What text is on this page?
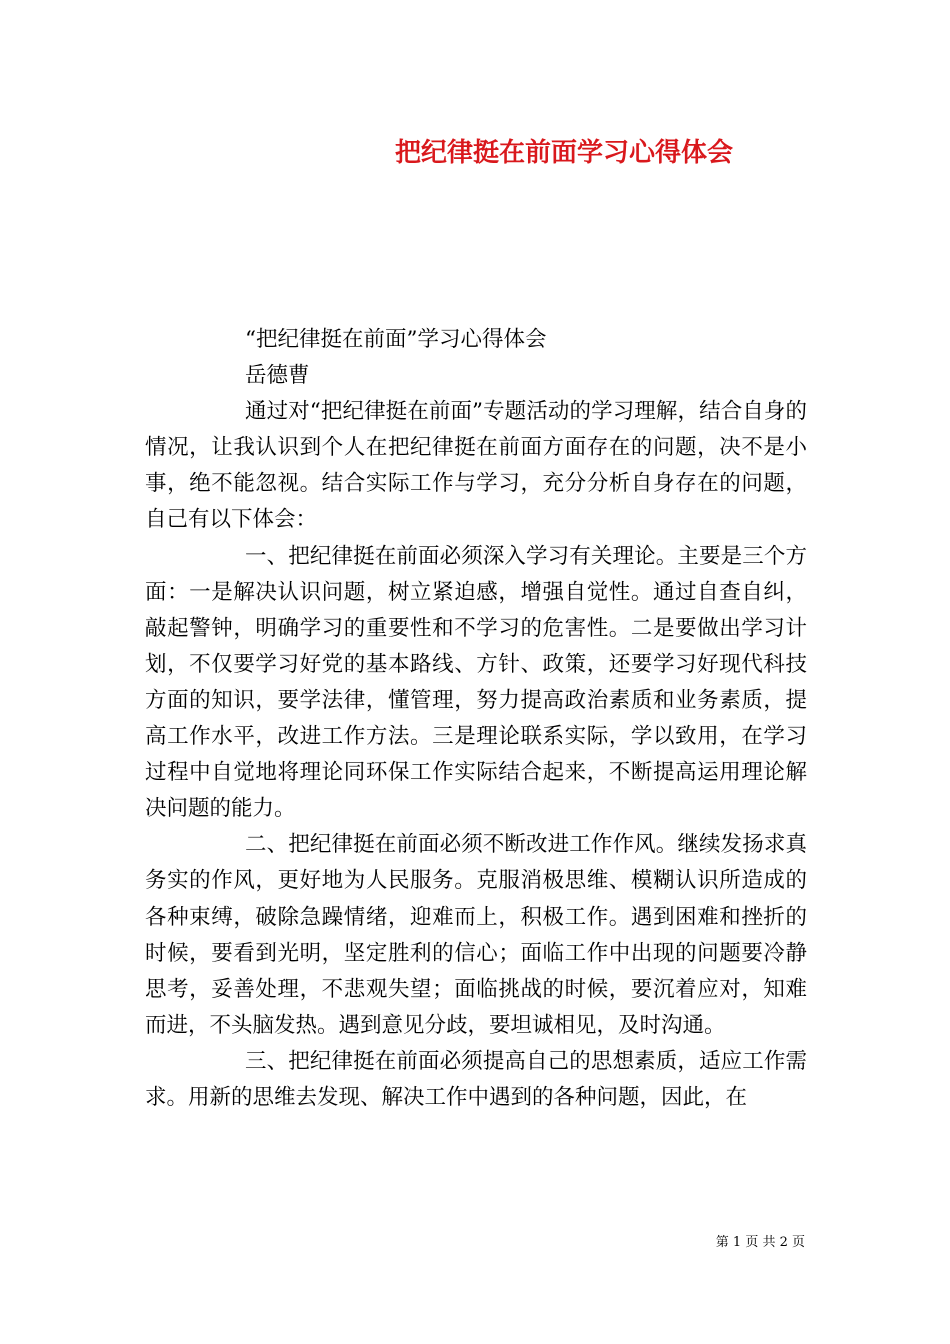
把纪律挺在前面学习心得体会

“把纪律挺在前面”学习心得体会

岳德曹

通过对“把纪律挺在前面”专题活动的学习理解，结合自身的情况，让我认识到个人在把纪律挺在前面方面存在的问题，决不是小事，绝不能忽视。结合实际工作与学习，充分分析自身存在的问题，自己有以下体会：

一、把纪律挺在前面必须深入学习有关理论。主要是三个方面：一是解决认识问题，树立紧迫感，增强自觉性。通过自查自纠，敲起警钟，明确学习的重要性和不学习的危害性。二是要做出学习计划，不仅要学习好党的基本路线、方针、政策，还要学习好现代科技方面的知识，要学法律，懂管理，努力提高政治素质和业务素质，提高工作水平，改进工作方法。三是理论联系实际，学以致用，在学习过程中自觉地将理论同环保工作实际结合起来，不断提高运用理论解决问题的能力。

二、把纪律挺在前面必须不断改进工作作风。继续发扬求真务实的作风，更好地为人民服务。克服消极思维、模糊认识所造成的各种束缚，破除急躁情绪，迎难而上，积极工作。遇到困难和挫折的时候，要看到光明，坚定胜利的信心；面临工作中出现的问题要冷静思考，妥善处理，不悲观失望；面临挑战的时候，要沉着应对，知难而进，不头脑发热。遇到意见分歧，要坦诚相见，及时沟通。

三、把纪律挺在前面必须提高自己的思想素质，适应工作需求。用新的思维去发现、解决工作中遇到的各种问题，因此，在

第 1 页 共 2 页
